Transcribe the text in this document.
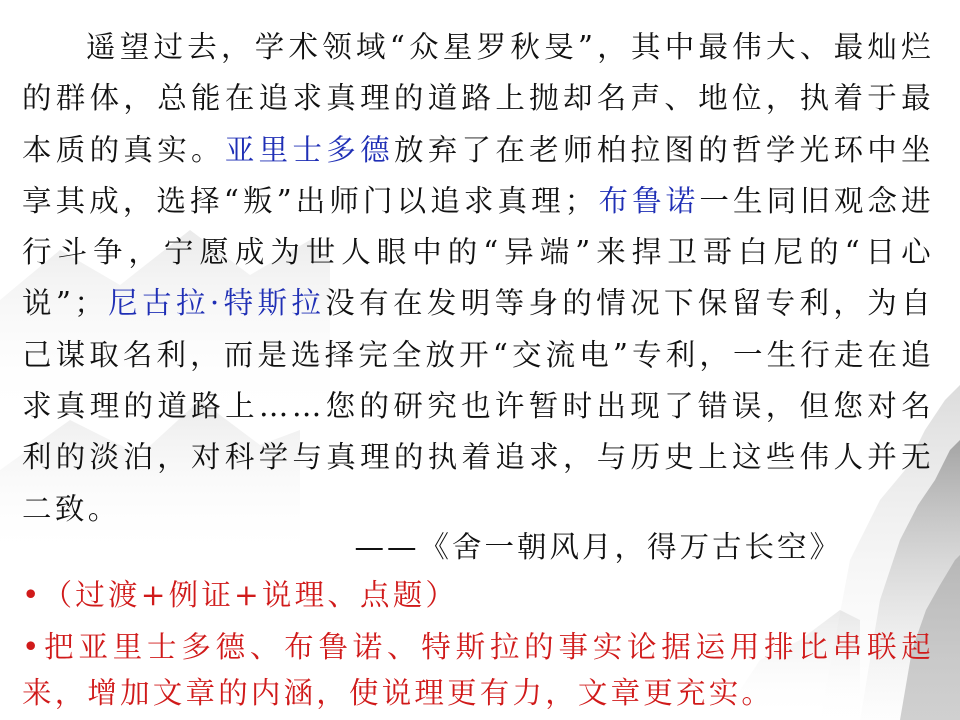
遥望过去，学术领域“众星罗秋旻”，其中最伟大、最灿烂的群体，总能在追求真理的道路上抛却名声、地位，执着于最本质的真实。亚里士多德放弃了在老师柏拉图的哲学光环中坐享其成，选择“叛”出师门以追求真理；布鲁诺一生同旧观念进行斗争，宁愿成为世人眼中的“异端”来捍卫哥白尼的“日心说”；尼古拉·特斯拉没有在发明等身的情况下保留专利，为自己谋取名利，而是选择完全放开“交流电”专利，一生行走在追求真理的道路上……您的研究也许暂时出现了错误，但您对名利的淡泊，对科学与真理的执着追求，与历史上这些伟人并无二致。

——《舍一朝风月，得万古长空》

•（过渡+例证+说理、点题）

•把亚里士多德、布鲁诺、特斯拉的事实论据运用排比串联起来，增加文章的内涵，使说理更有力，文章更充实。
